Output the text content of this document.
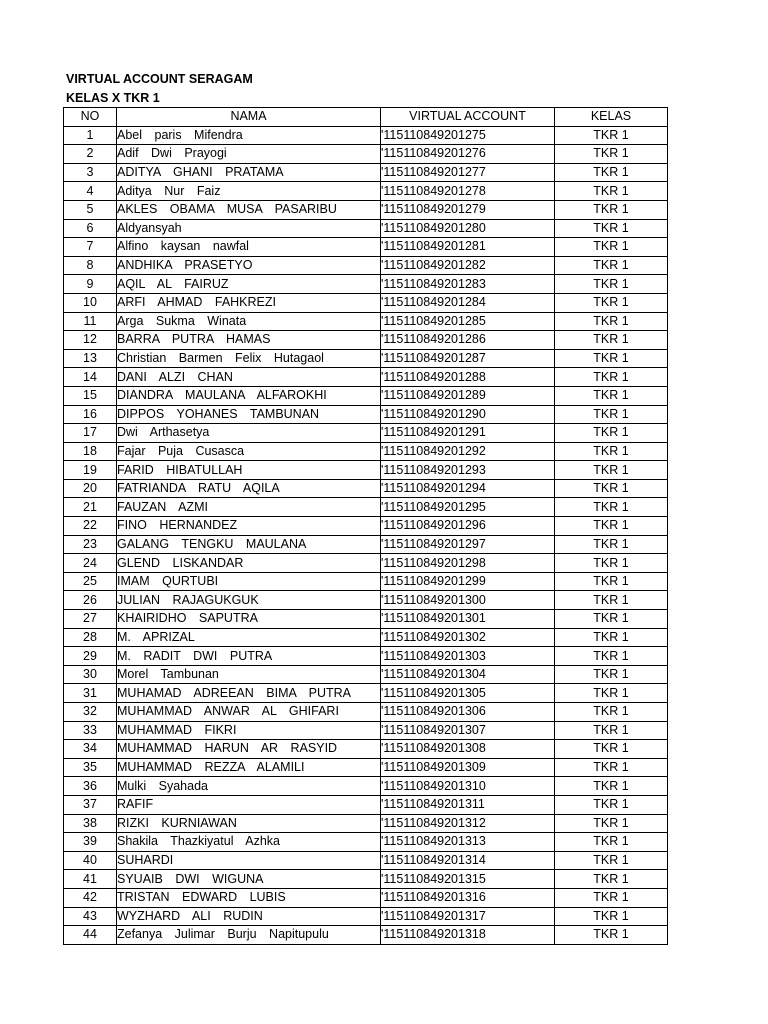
VIRTUAL ACCOUNT SERAGAM
KELAS X TKR 1
NO	NAMA	VIRTUAL ACCOUNT	KELAS
1	Abel paris Mifendra	'115110849201275	TKR 1
2	Adif Dwi Prayogi	'115110849201276	TKR 1
3	ADITYA GHANI PRATAMA	'115110849201277	TKR 1
4	Aditya Nur Faiz	'115110849201278	TKR 1
5	AKLES OBAMA MUSA PASARIBU	'115110849201279	TKR 1
6	Aldyansyah	'115110849201280	TKR 1
7	Alfino kaysan nawfal	'115110849201281	TKR 1
8	ANDHIKA PRASETYO	'115110849201282	TKR 1
9	AQIL AL FAIRUZ	'115110849201283	TKR 1
10	ARFI AHMAD FAHKREZI	'115110849201284	TKR 1
11	Arga Sukma Winata	'115110849201285	TKR 1
12	BARRA PUTRA HAMAS	'115110849201286	TKR 1
13	Christian Barmen Felix Hutagaol	'115110849201287	TKR 1
14	DANI ALZI CHAN	'115110849201288	TKR 1
15	DIANDRA MAULANA ALFAROKHI	'115110849201289	TKR 1
16	DIPPOS YOHANES TAMBUNAN	'115110849201290	TKR 1
17	Dwi Arthasetya	'115110849201291	TKR 1
18	Fajar Puja Cusasca	'115110849201292	TKR 1
19	FARID HIBATULLAH	'115110849201293	TKR 1
20	FATRIANDA RATU AQILA	'115110849201294	TKR 1
21	FAUZAN AZMI	'115110849201295	TKR 1
22	FINO HERNANDEZ	'115110849201296	TKR 1
23	GALANG TENGKU MAULANA	'115110849201297	TKR 1
24	GLEND LISKANDAR	'115110849201298	TKR 1
25	IMAM QURTUBI	'115110849201299	TKR 1
26	JULIAN RAJAGUKGUK	'115110849201300	TKR 1
27	KHAIRIDHO SAPUTRA	'115110849201301	TKR 1
28	M. APRIZAL	'115110849201302	TKR 1
29	M. RADIT DWI PUTRA	'115110849201303	TKR 1
30	Morel Tambunan	'115110849201304	TKR 1
31	MUHAMAD ADREEAN BIMA PUTRA	'115110849201305	TKR 1
32	MUHAMMAD ANWAR AL GHIFARI	'115110849201306	TKR 1
33	MUHAMMAD FIKRI	'115110849201307	TKR 1
34	MUHAMMAD HARUN AR RASYID	'115110849201308	TKR 1
35	MUHAMMAD REZZA ALAMILI	'115110849201309	TKR 1
36	Mulki Syahada	'115110849201310	TKR 1
37	RAFIF	'115110849201311	TKR 1
38	RIZKI KURNIAWAN	'115110849201312	TKR 1
39	Shakila Thazkiyatul Azhka	'115110849201313	TKR 1
40	SUHARDI	'115110849201314	TKR 1
41	SYUAIB DWI WIGUNA	'115110849201315	TKR 1
42	TRISTAN EDWARD LUBIS	'115110849201316	TKR 1
43	WYZHARD ALI RUDIN	'115110849201317	TKR 1
44	Zefanya Julimar Burju Napitupulu	'115110849201318	TKR 1
